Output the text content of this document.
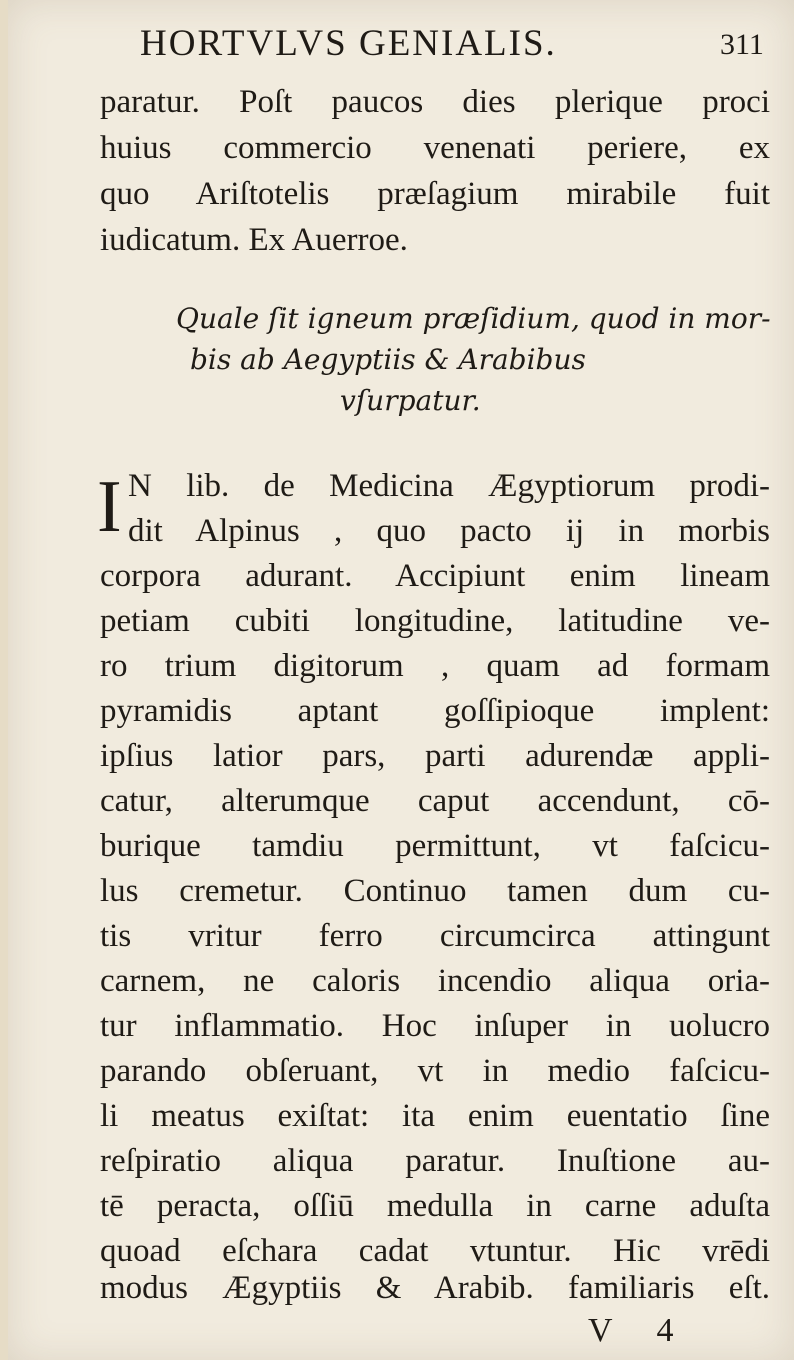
HORTVLVS GENIALIS.	311
paratur. Poſt paucos dies plerique proci
huius commercio venenati periere, ex
quo Ariſtotelis præſagium mirabile fuit
iudicatum. Ex Auerroe.
Quale ſit igneum præſidium, quod in mor-
bis ab Aegyptiis & Arabibus
vſurpatur.
I N lib. de Medicina Ægyptiorum prodi-
dit Alpinus , quo pacto ij in morbis
corpora adurant. Accipiunt enim lineam
petiam cubiti longitudine, latitudine ve-
ro trium digitorum , quam ad formam
pyramidis aptant goſſipioque implent:
ipſius latior pars, parti adurendæ appli-
catur, alterumque caput accendunt, cō-
burique tamdiu permittunt, vt faſcicu-
lus cremetur. Continuo tamen dum cu-
tis vritur ferro circumcirca attingunt
carnem, ne caloris incendio aliqua oria-
tur inflammatio. Hoc inſuper in uolucro
parando obſeruant, vt in medio faſcicu-
li meatus exiſtat: ita enim euentatio ſine
reſpiratio aliqua paratur. Inuſtione au-
tē peracta, oſſiū medulla in carne aduſta
quoad eſchara cadat vtuntur. Hic vrēdi
modus Ægyptiis & Arabib. familiaris eſt.
V 4
